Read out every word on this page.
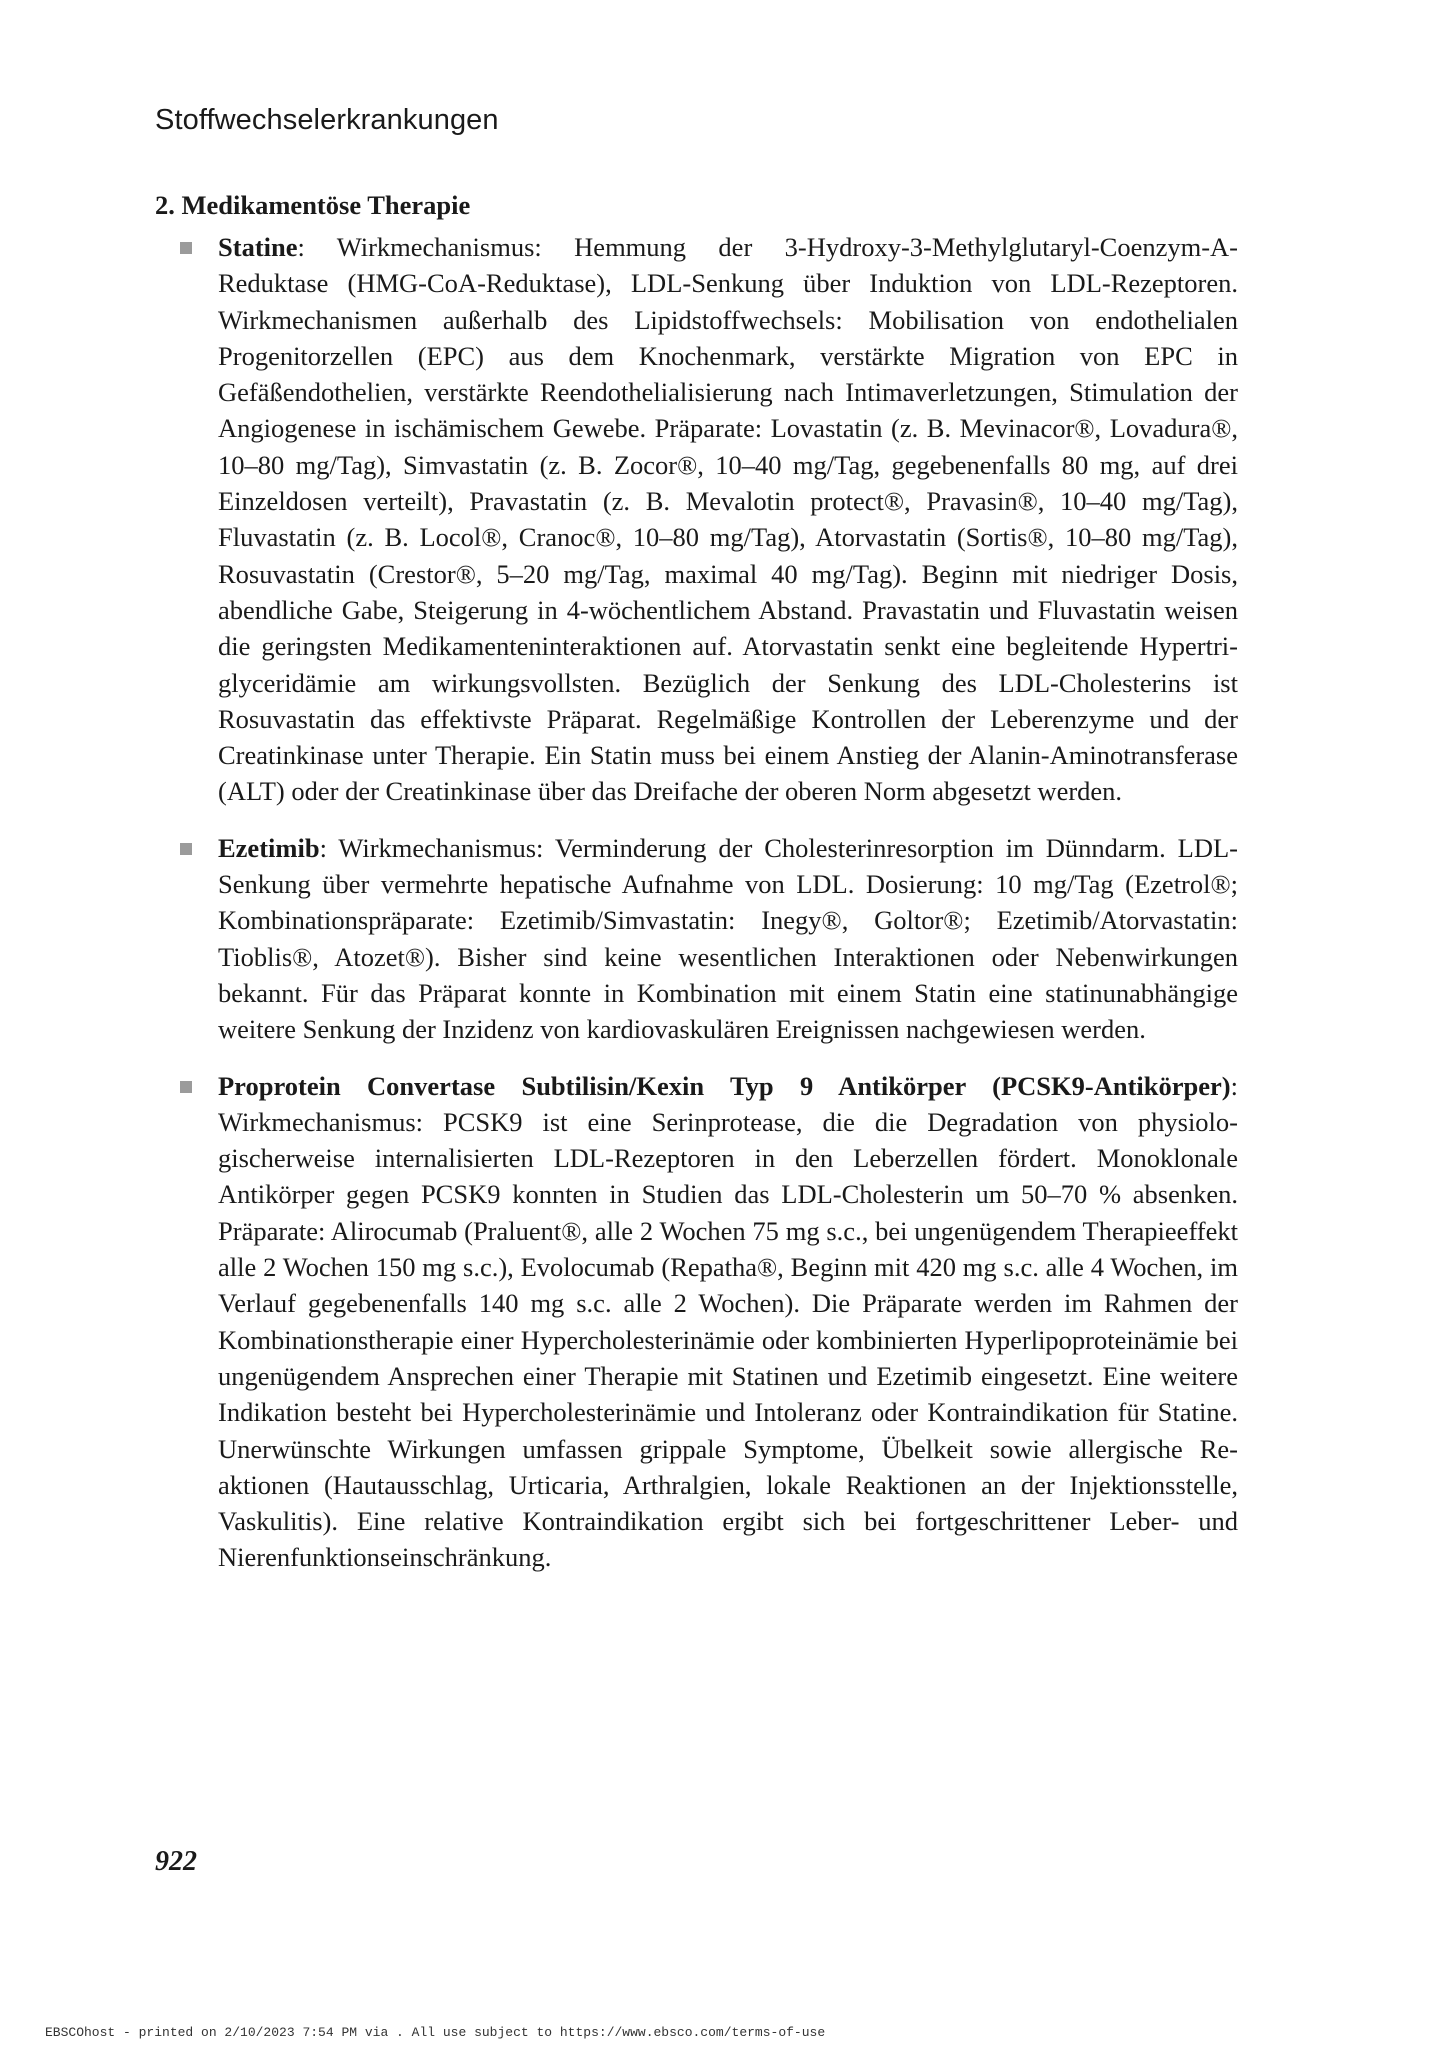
Stoffwechselerkrankungen
2. Medikamentöse Therapie
Statine: Wirkmechanismus: Hemmung der 3-Hydroxy-3-Methylglutaryl-Coenzym-A-Reduktase (HMG-CoA-Reduktase), LDL-Senkung über Induktion von LDL-Rezeptoren. Wirkmechanismen außerhalb des Lipidstoffwechsels: Mobilisation von endothelialen Progenitorzellen (EPC) aus dem Knochenmark, verstärkte Migration von EPC in Gefäßendothelien, verstärkte Reendothelialisierung nach Intimaverletzungen, Stimulation der Angiogenese in ischämischem Gewebe. Präparate: Lovastatin (z. B. Mevinacor®, Lovadura®, 10–80 mg/Tag), Simvastatin (z. B. Zocor®, 10–40 mg/Tag, gegebenenfalls 80 mg, auf drei Einzeldosen verteilt), Pravastatin (z. B. Mevalotin protect®, Pravasin®, 10–40 mg/Tag), Fluvastatin (z. B. Locol®, Cranoc®, 10–80 mg/Tag), Atorvastatin (Sortis®, 10–80 mg/Tag), Rosuvastatin (Crestor®, 5–20 mg/Tag, maximal 40 mg/Tag). Beginn mit niedriger Dosis, abendliche Gabe, Steigerung in 4-wöchentlichem Abstand. Pravastatin und Fluvastatin weisen die geringsten Medikamenteninteraktionen auf. Atorvastatin senkt eine begleitende Hypertriglyceridämie am wirkungsvollsten. Bezüglich der Senkung des LDL-Cholesterins ist Rosuvastatin das effektivste Präparat. Regelmäßige Kontrollen der Leberenzyme und der Creatinkinase unter Therapie. Ein Statin muss bei einem Anstieg der Alanin-Aminotransferase (ALT) oder der Creatinkinase über das Dreifache der oberen Norm abgesetzt werden.
Ezetimib: Wirkmechanismus: Verminderung der Cholesterinresorption im Dünndarm. LDL-Senkung über vermehrte hepatische Aufnahme von LDL. Dosierung: 10 mg/Tag (Ezetrol®; Kombinationspräparate: Ezetimib/Simvastatin: Inegy®, Goltor®; Ezetimib/Atorvastatin: Tioblis®, Atozet®). Bisher sind keine wesentlichen Interaktionen oder Nebenwirkungen bekannt. Für das Präparat konnte in Kombination mit einem Statin eine statinunabhängige weitere Senkung der Inzidenz von kardiovaskulären Ereignissen nachgewiesen werden.
Proprotein Convertase Subtilisin/Kexin Typ 9 Antikörper (PCSK9-Antikörper): Wirkmechanismus: PCSK9 ist eine Serinprotease, die die Degradation von physiologischerweise internalisierten LDL-Rezeptoren in den Leberzellen fördert. Monoklonale Antikörper gegen PCSK9 konnten in Studien das LDL-Cholesterin um 50–70 % absenken. Präparate: Alirocumab (Praluent®, alle 2 Wochen 75 mg s.c., bei ungenügendem Therapieeffekt alle 2 Wochen 150 mg s.c.), Evolocumab (Repatha®, Beginn mit 420 mg s.c. alle 4 Wochen, im Verlauf gegebenenfalls 140 mg s.c. alle 2 Wochen). Die Präparate werden im Rahmen der Kombinationstherapie einer Hypercholesterinämie oder kombinierten Hyperlipoproteinämie bei ungenügendem Ansprechen einer Therapie mit Statinen und Ezetimib eingesetzt. Eine weitere Indikation besteht bei Hypercholesterinämie und Intoleranz oder Kontraindikation für Statine. Unerwünschte Wirkungen umfassen grippale Symptome, Übelkeit sowie allergische Reaktionen (Hautausschlag, Urticaria, Arthralgien, lokale Reaktionen an der Injektionsstelle, Vaskulitis). Eine relative Kontraindikation ergibt sich bei fortgeschrittener Leber- und Nierenfunktionseinschränkung.
922
EBSCOhost - printed on 2/10/2023 7:54 PM via . All use subject to https://www.ebsco.com/terms-of-use
